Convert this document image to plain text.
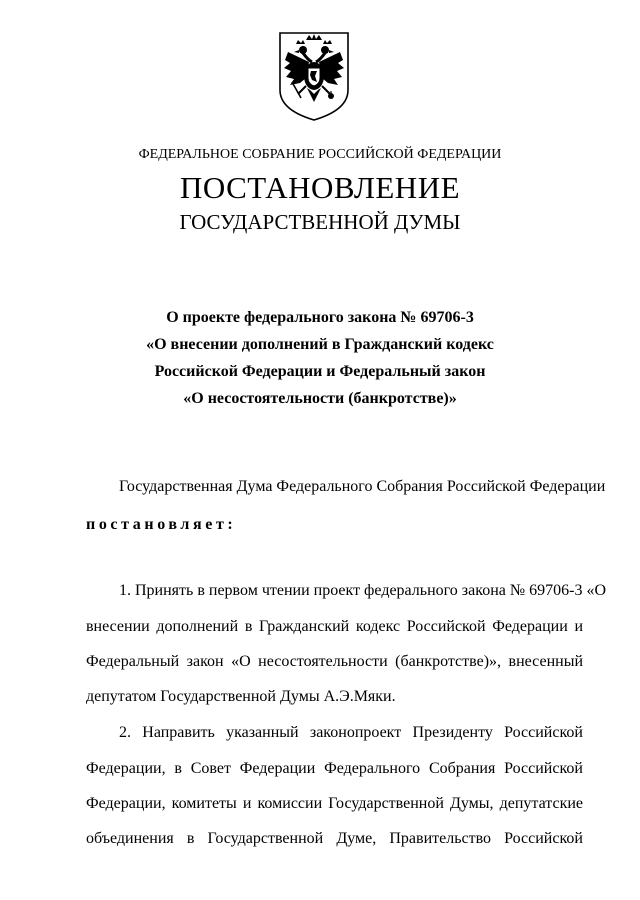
ФЕДЕРАЛЬНОЕ СОБРАНИЕ РОССИЙСКОЙ ФЕДЕРАЦИИ
ПОСТАНОВЛЕНИЕ
ГОСУДАРСТВЕННОЙ ДУМЫ
О проекте федерального закона № 69706-3
«О внесении дополнений в Гражданский кодекс
Российской Федерации и Федеральный закон
«О несостоятельности (банкротстве)»
Государственная Дума Федерального Собрания Российской Федерации
постановляет:
1. Принять в первом чтении проект федерального закона № 69706-3 «О
внесении дополнений в Гражданский кодекс Российской Федерации и
Федеральный закон «О несостоятельности (банкротстве)», внесенный
депутатом Государственной Думы А.Э.Мяки.
2. Направить указанный законопроект Президенту Российской
Федерации, в Совет Федерации Федерального Собрания Российской
Федерации, комитеты и комиссии Государственной Думы, депутатские
объединения в Государственной Думе, Правительство Российской
